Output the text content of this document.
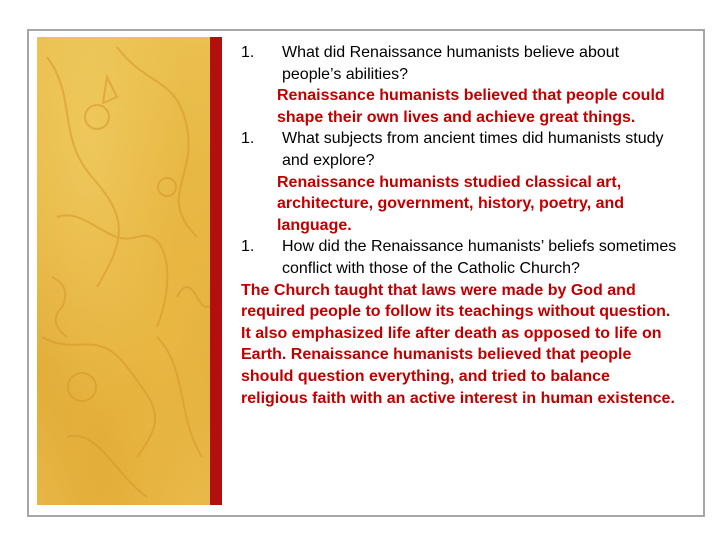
1.	What did Renaissance humanists believe about people’s abilities?
Renaissance humanists believed that people could shape their own lives and achieve great things.
1.	What subjects from ancient times did humanists study and explore?
Renaissance humanists studied classical art, architecture, government, history, poetry, and language.
1.	How did the Renaissance humanists’ beliefs sometimes conflict with those of the Catholic Church?
The Church taught that laws were made by God and required people to follow its teachings without question. It also emphasized life after death as opposed to life on Earth. Renaissance humanists believed that people should question everything, and tried to balance religious faith with an active interest in human existence.
